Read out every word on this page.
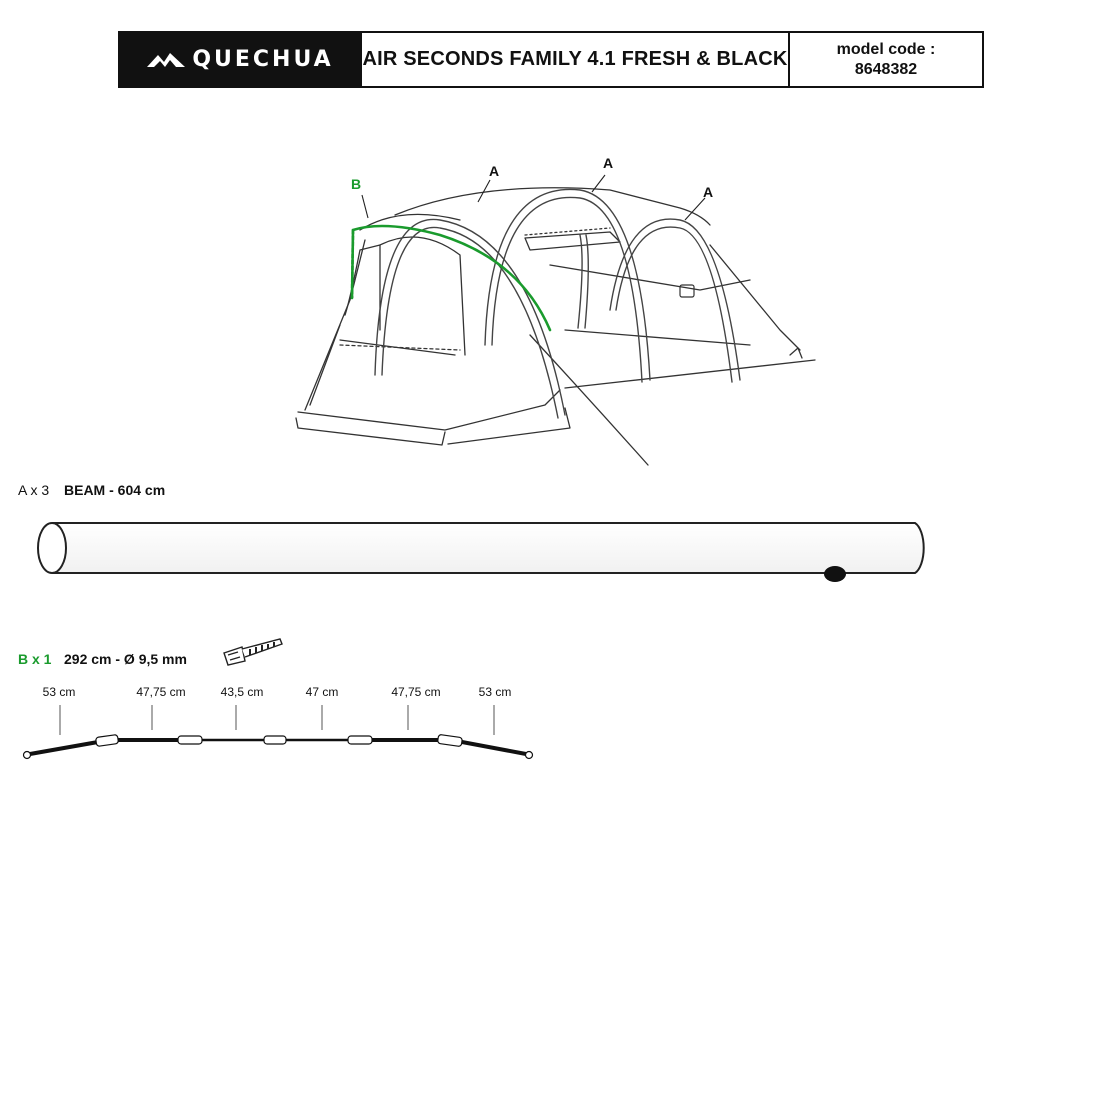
QUECHUA AIR SECONDS FAMILY 4.1 FRESH & BLACK	model code :
8648382
B
A	A
A
A x 3 BEAM - 604 cm
B x 1 292 cm - Ø 9,5 mm
53 cm	47,75 cm	43,5 cm	47 cm	47,75 cm	53 cm
